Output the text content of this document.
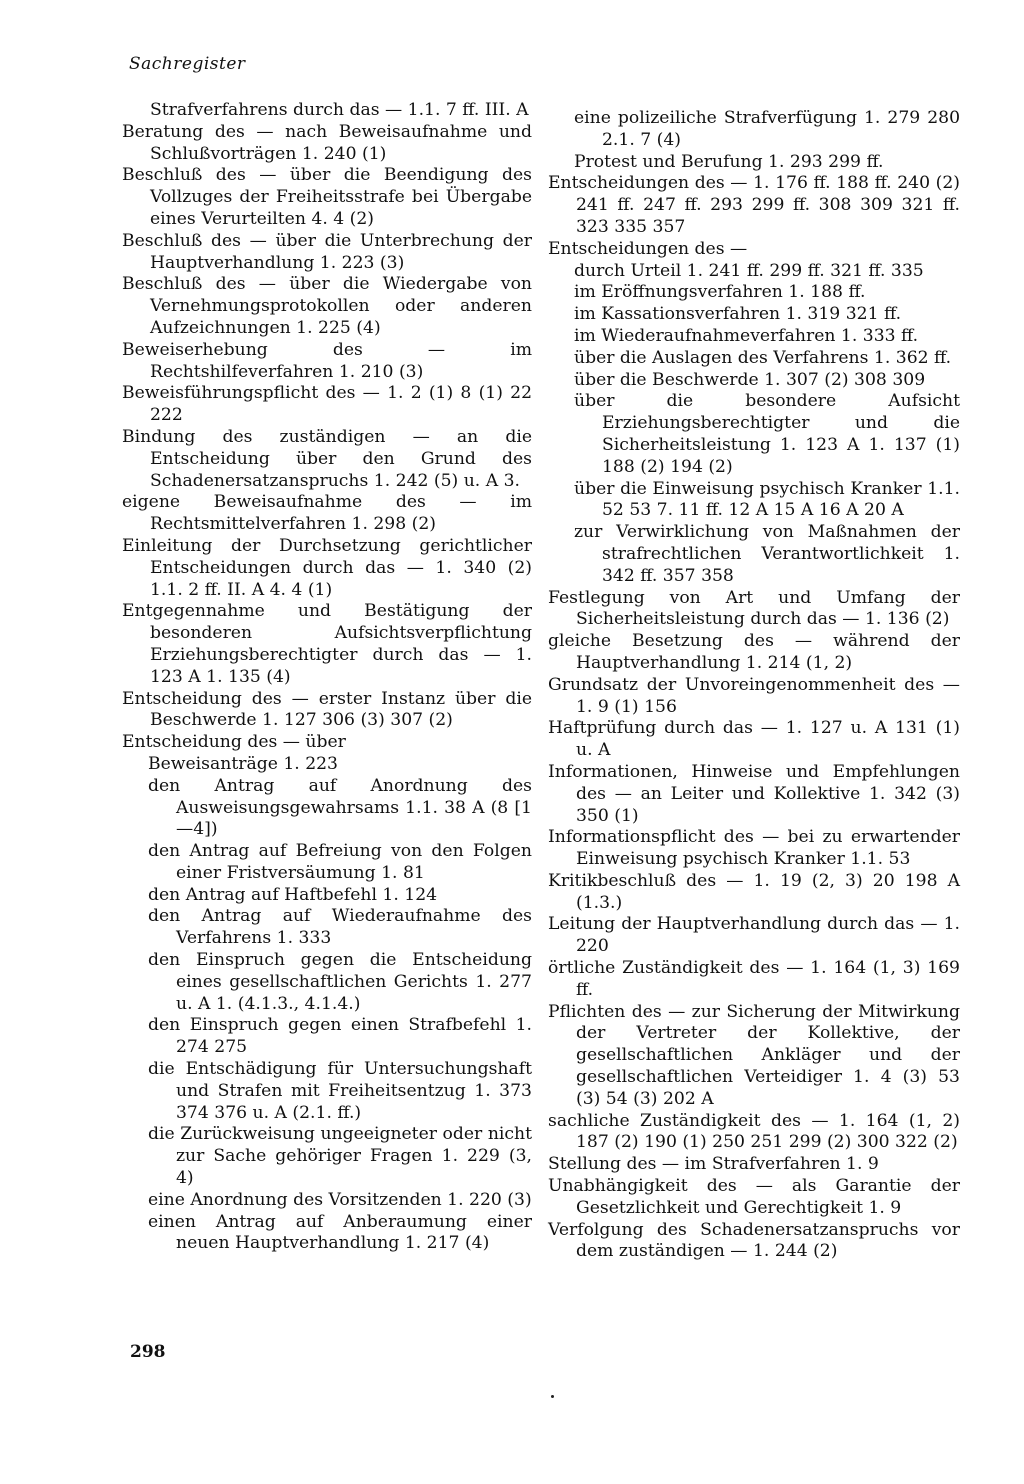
Sachregister
Strafverfahrens durch das — 1.1. 7 ff. III. A
Beratung des — nach Beweisaufnahme und Schlußvorträgen 1. 240 (1)
Beschluß des — über die Beendigung des Vollzuges der Freiheitsstrafe bei Übergabe eines Verurteilten 4. 4 (2)
Beschluß des — über die Unterbrechung der Hauptverhandlung 1. 223 (3)
Beschluß des — über die Wiedergabe von Vernehmungsprotokollen oder anderen Aufzeichnungen 1. 225 (4)
Beweiserhebung des — im Rechtshilfeverfahren 1. 210 (3)
Beweisführungspflicht des — 1. 2 (1) 8 (1) 22 222
Bindung des zuständigen — an die Entscheidung über den Grund des Schadenersatzanspruchs 1. 242 (5) u. A 3.
eigene Beweisaufnahme des — im Rechtsmittelverfahren 1. 298 (2)
Einleitung der Durchsetzung gerichtlicher Entscheidungen durch das — 1. 340 (2) 1.1. 2 ff. II. A 4. 4 (1)
Entgegennahme und Bestätigung der besonderen Aufsichtsverpflichtung Erziehungsberechtigter durch das — 1. 123 A 1. 135 (4)
Entscheidung des — erster Instanz über die Beschwerde 1. 127 306 (3) 307 (2)
Entscheidung des — über
Beweisanträge 1. 223
den Antrag auf Anordnung des Ausweisungsgewahrsams 1.1. 38 A (8 [1—4])
den Antrag auf Befreiung von den Folgen einer Fristversäumung 1. 81
den Antrag auf Haftbefehl 1. 124
den Antrag auf Wiederaufnahme des Verfahrens 1. 333
den Einspruch gegen die Entscheidung eines gesellschaftlichen Gerichts 1. 277 u. A 1. (4.1.3., 4.1.4.)
den Einspruch gegen einen Strafbefehl 1. 274 275
die Entschädigung für Untersuchungshaft und Strafen mit Freiheitsentzug 1. 373 374 376 u. A (2.1. ff.)
die Zurückweisung ungeeigneter oder nicht zur Sache gehöriger Fragen 1. 229 (3, 4)
eine Anordnung des Vorsitzenden 1. 220 (3)
einen Antrag auf Anberaumung einer neuen Hauptverhandlung 1. 217 (4)
eine polizeiliche Strafverfügung 1. 279 280 2.1. 7 (4)
Protest und Berufung 1. 293 299 ff.
Entscheidungen des — 1. 176 ff. 188 ff. 240 (2) 241 ff. 247 ff. 293 299 ff. 308 309 321 ff. 323 335 357
Entscheidungen des —
durch Urteil 1. 241 ff. 299 ff. 321 ff. 335
im Eröffnungsverfahren 1. 188 ff.
im Kassationsverfahren 1. 319 321 ff.
im Wiederaufnahmeverfahren 1. 333 ff.
über die Auslagen des Verfahrens 1. 362 ff.
über die Beschwerde 1. 307 (2) 308 309
über die besondere Aufsicht Erziehungsberechtigter und die Sicherheitsleistung 1. 123 A 1. 137 (1) 188 (2) 194 (2)
über die Einweisung psychisch Kranker 1.1. 52 53 7. 11 ff. 12 A 15 A 16 A 20 A
zur Verwirklichung von Maßnahmen der strafrechtlichen Verantwortlichkeit 1. 342 ff. 357 358
Festlegung von Art und Umfang der Sicherheitsleistung durch das — 1. 136 (2)
gleiche Besetzung des — während der Hauptverhandlung 1. 214 (1, 2)
Grundsatz der Unvoreingenommenheit des — 1. 9 (1) 156
Haftprüfung durch das — 1. 127 u. A 131 (1) u. A
Informationen, Hinweise und Empfehlungen des — an Leiter und Kollektive 1. 342 (3) 350 (1)
Informationspflicht des — bei zu erwartender Einweisung psychisch Kranker 1.1. 53
Kritikbeschluß des — 1. 19 (2, 3) 20 198 A (1.3.)
Leitung der Hauptverhandlung durch das — 1. 220
örtliche Zuständigkeit des — 1. 164 (1, 3) 169 ff.
Pflichten des — zur Sicherung der Mitwirkung der Vertreter der Kollektive, der gesellschaftlichen Ankläger und der gesellschaftlichen Verteidiger 1. 4 (3) 53 (3) 54 (3) 202 A
sachliche Zuständigkeit des — 1. 164 (1, 2) 187 (2) 190 (1) 250 251 299 (2) 300 322 (2)
Stellung des — im Strafverfahren 1. 9
Unabhängigkeit des — als Garantie der Gesetzlichkeit und Gerechtigkeit 1. 9
Verfolgung des Schadenersatzanspruchs vor dem zuständigen — 1. 244 (2)
298
